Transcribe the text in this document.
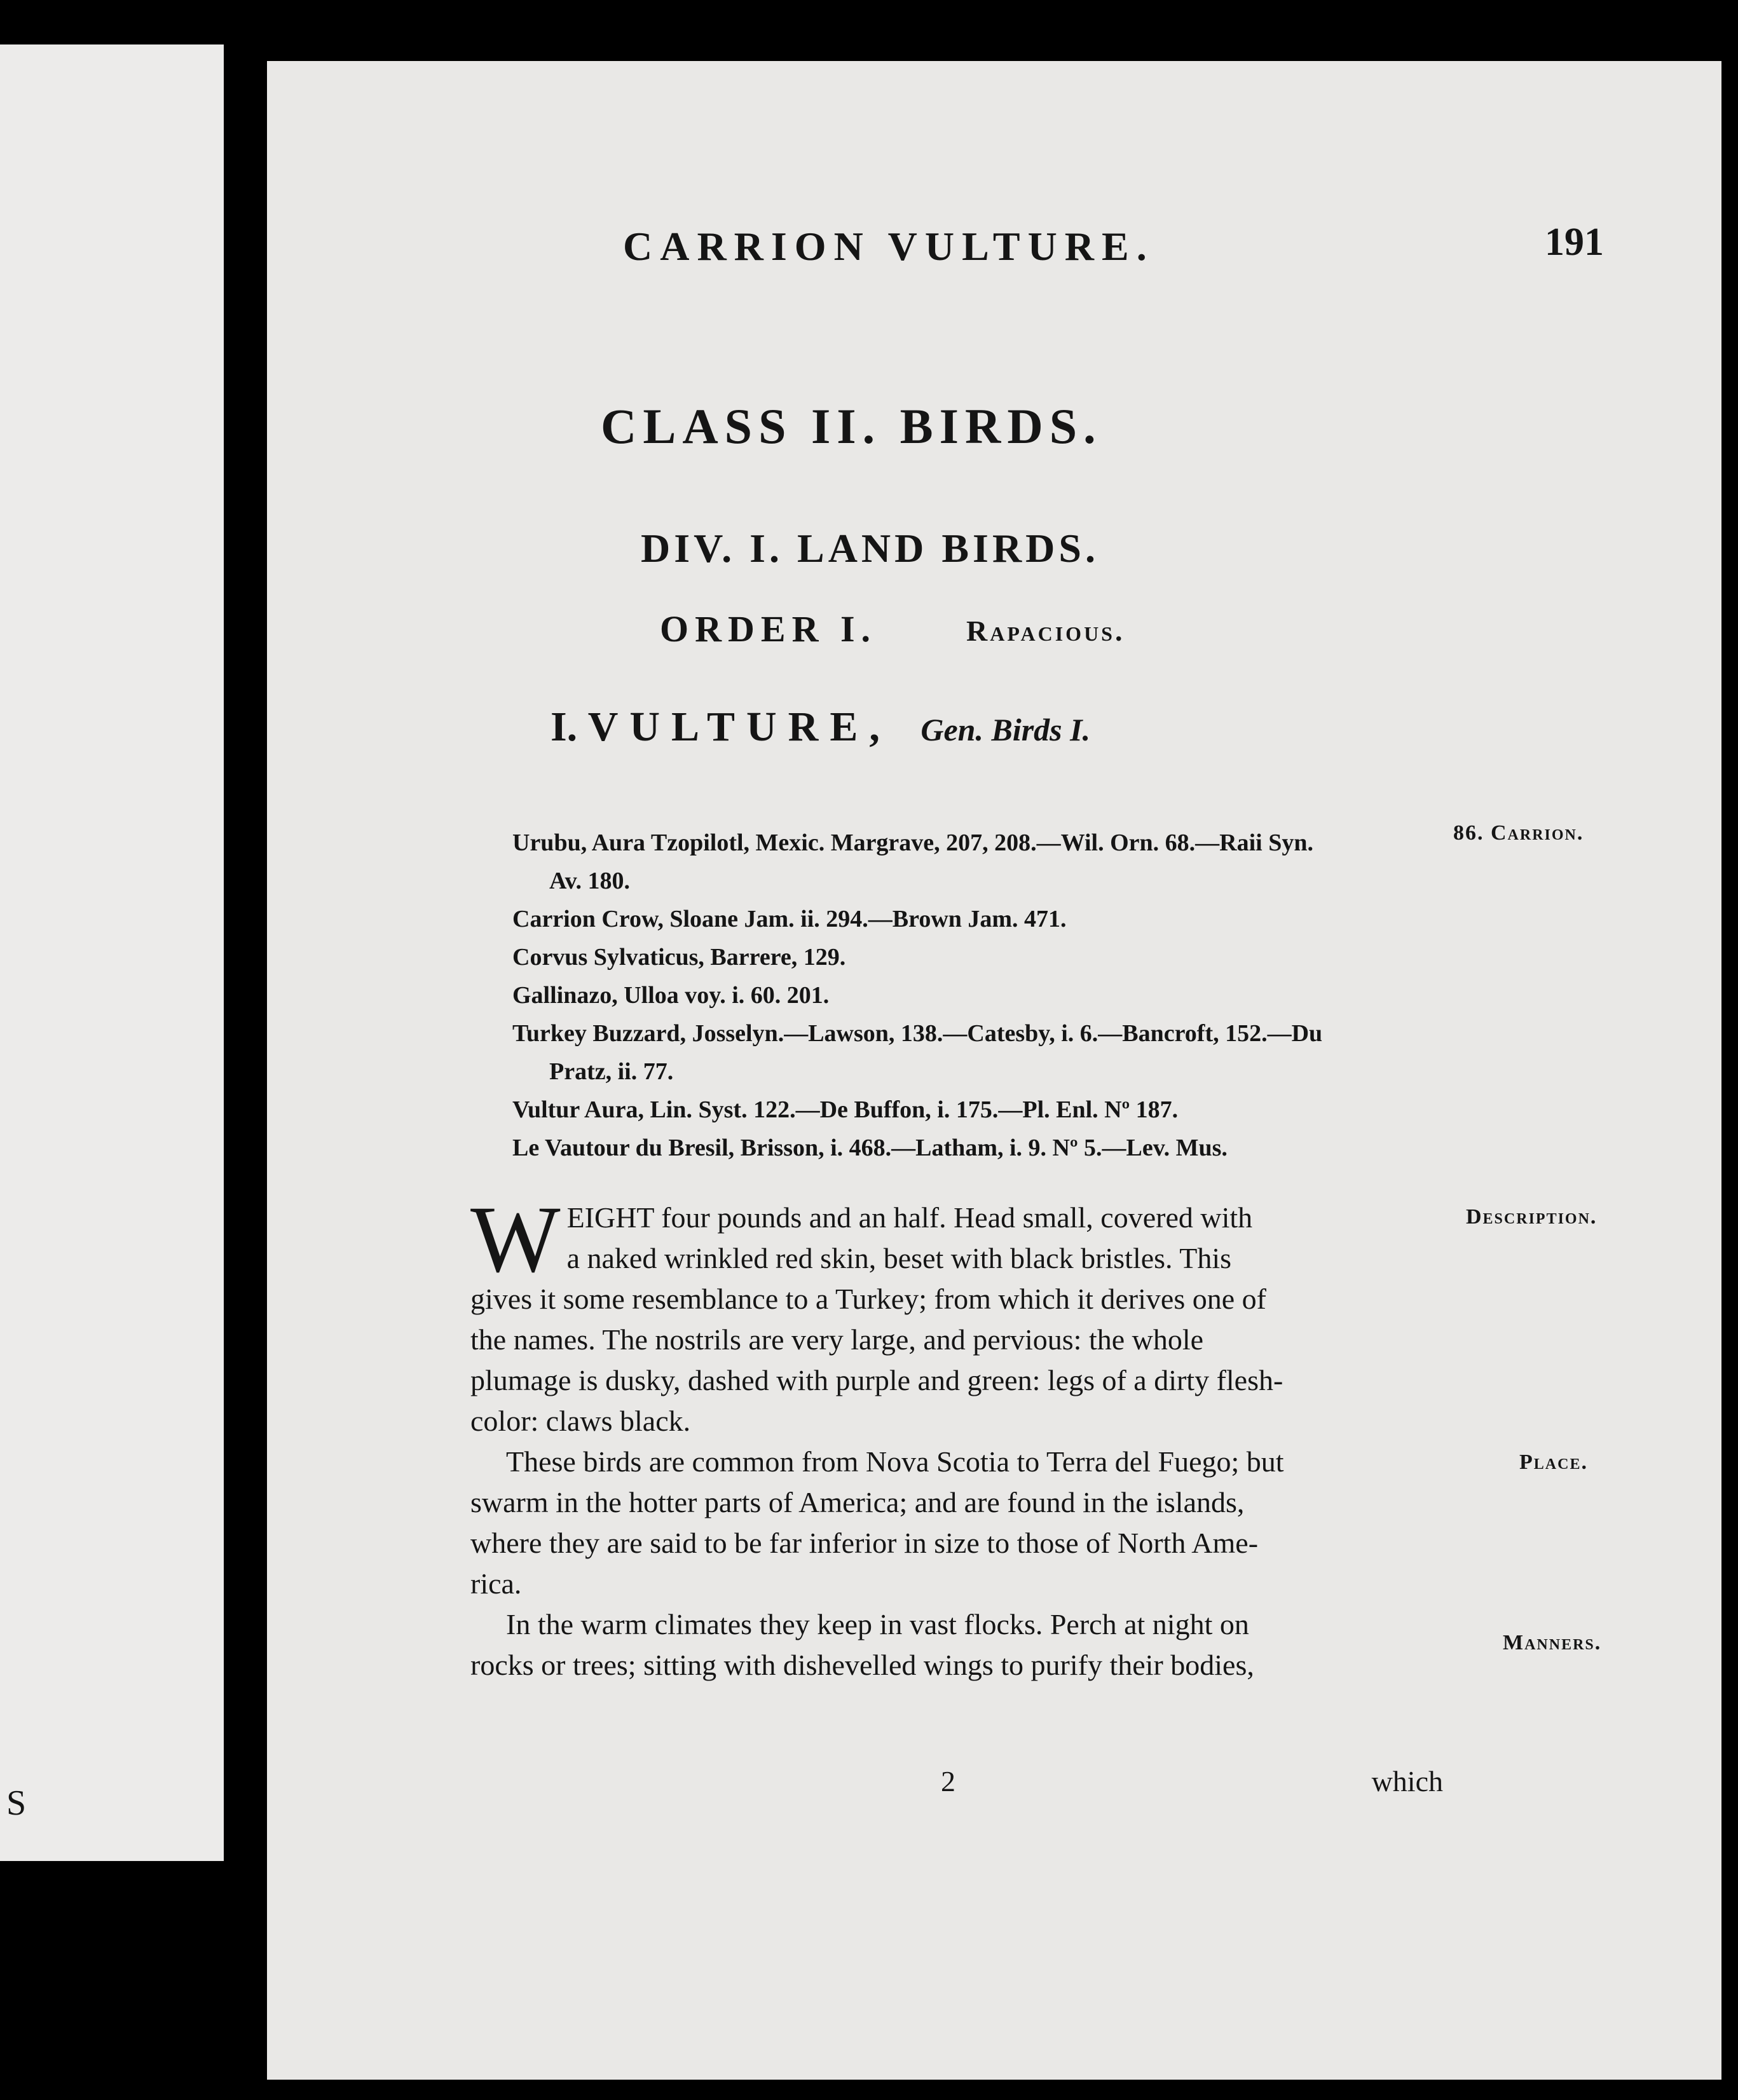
S
CARRION VULTURE.	191
CLASS II. BIRDS.
DIV. I. LAND BIRDS.
ORDER I.	Rapacious.
I. VULTURE, Gen. Birds I.
Urubu, Aura Tzopilotl, Mexic. Margrave, 207, 208.—Wil. Orn. 68.—Raii Syn.
Av. 180.
Carrion Crow, Sloane Jam. ii. 294.—Brown Jam. 471.
Corvus Sylvaticus, Barrere, 129.
Gallinazo, Ulloa voy. i. 60. 201.
Turkey Buzzard, Josselyn.—Lawson, 138.—Catesby, i. 6.—Bancroft, 152.—Du
Pratz, ii. 77.
Vultur Aura, Lin. Syst. 122.—De Buffon, i. 175.—Pl. Enl. Nº 187.
Le Vautour du Bresil, Brisson, i. 468.—Latham, i. 9. Nº 5.—Lev. Mus.
86. Carrion.
Description.
Place.
Manners.
W EIGHT four pounds and an half. Head small, covered with
a naked wrinkled red skin, beset with black bristles. This
gives it some resemblance to a Turkey; from which it derives one of
the names. The nostrils are very large, and pervious: the whole
plumage is dusky, dashed with purple and green: legs of a dirty flesh-
color: claws black.
These birds are common from Nova Scotia to Terra del Fuego; but
swarm in the hotter parts of America; and are found in the islands,
where they are said to be far inferior in size to those of North Ame-
rica.
In the warm climates they keep in vast flocks. Perch at night on
rocks or trees; sitting with dishevelled wings to purify their bodies,
2	which
